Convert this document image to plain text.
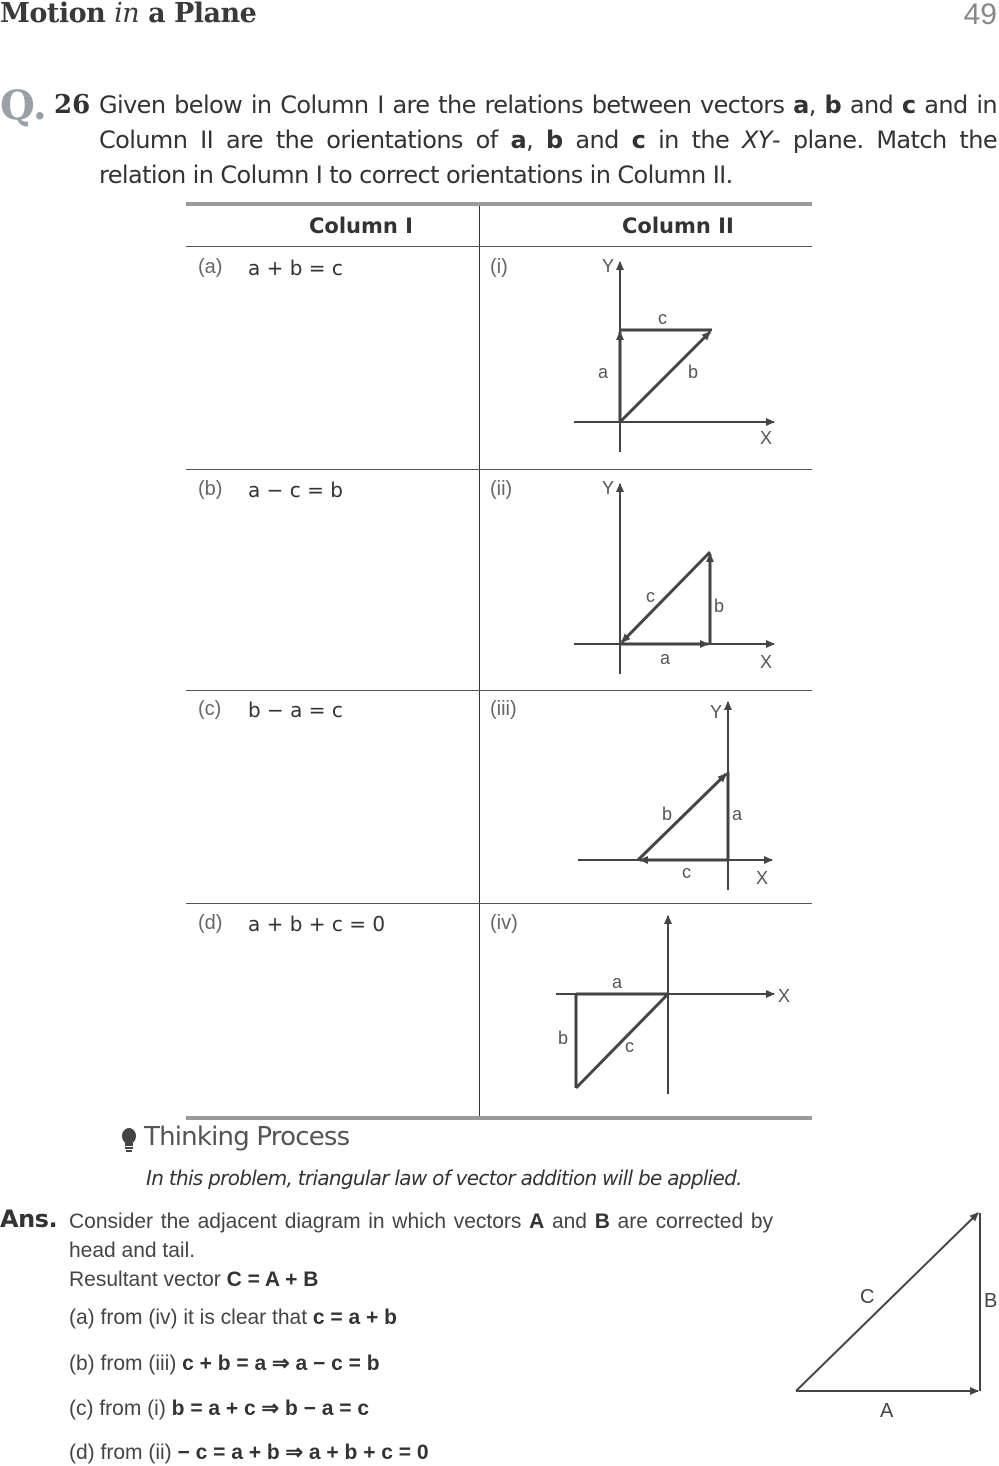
Motion in a Plane	49
Q. 26 Given below in Column I are the relations between vectors a, b and c and in Column II are the orientations of a, b and c in the XY- plane. Match the relation in Column I to correct orientations in Column II.
Column I	Column II
(a) a + b = c	(i)	Y
X
c
a	b
(b) a − c = b	(ii)	Y
X
c	b
a
(c) b − a = c	(iii)	Y
X
b	a
c
(d) a + b + c = 0	(iv)
X
a
b	c
Thinking Process
In this problem, triangular law of vector addition will be applied.
Ans. Consider the adjacent diagram in which vectors A and B are corrected by head and tail.
Resultant vector C = A + B
(a) from (iv) it is clear that c = a + b
(b) from (iii) c + b = a ⇒ a − c = b
(c) from (i) b = a + c ⇒ b − a = c
(d) from (ii) − c = a + b ⇒ a + b + c = 0
C	B
A
